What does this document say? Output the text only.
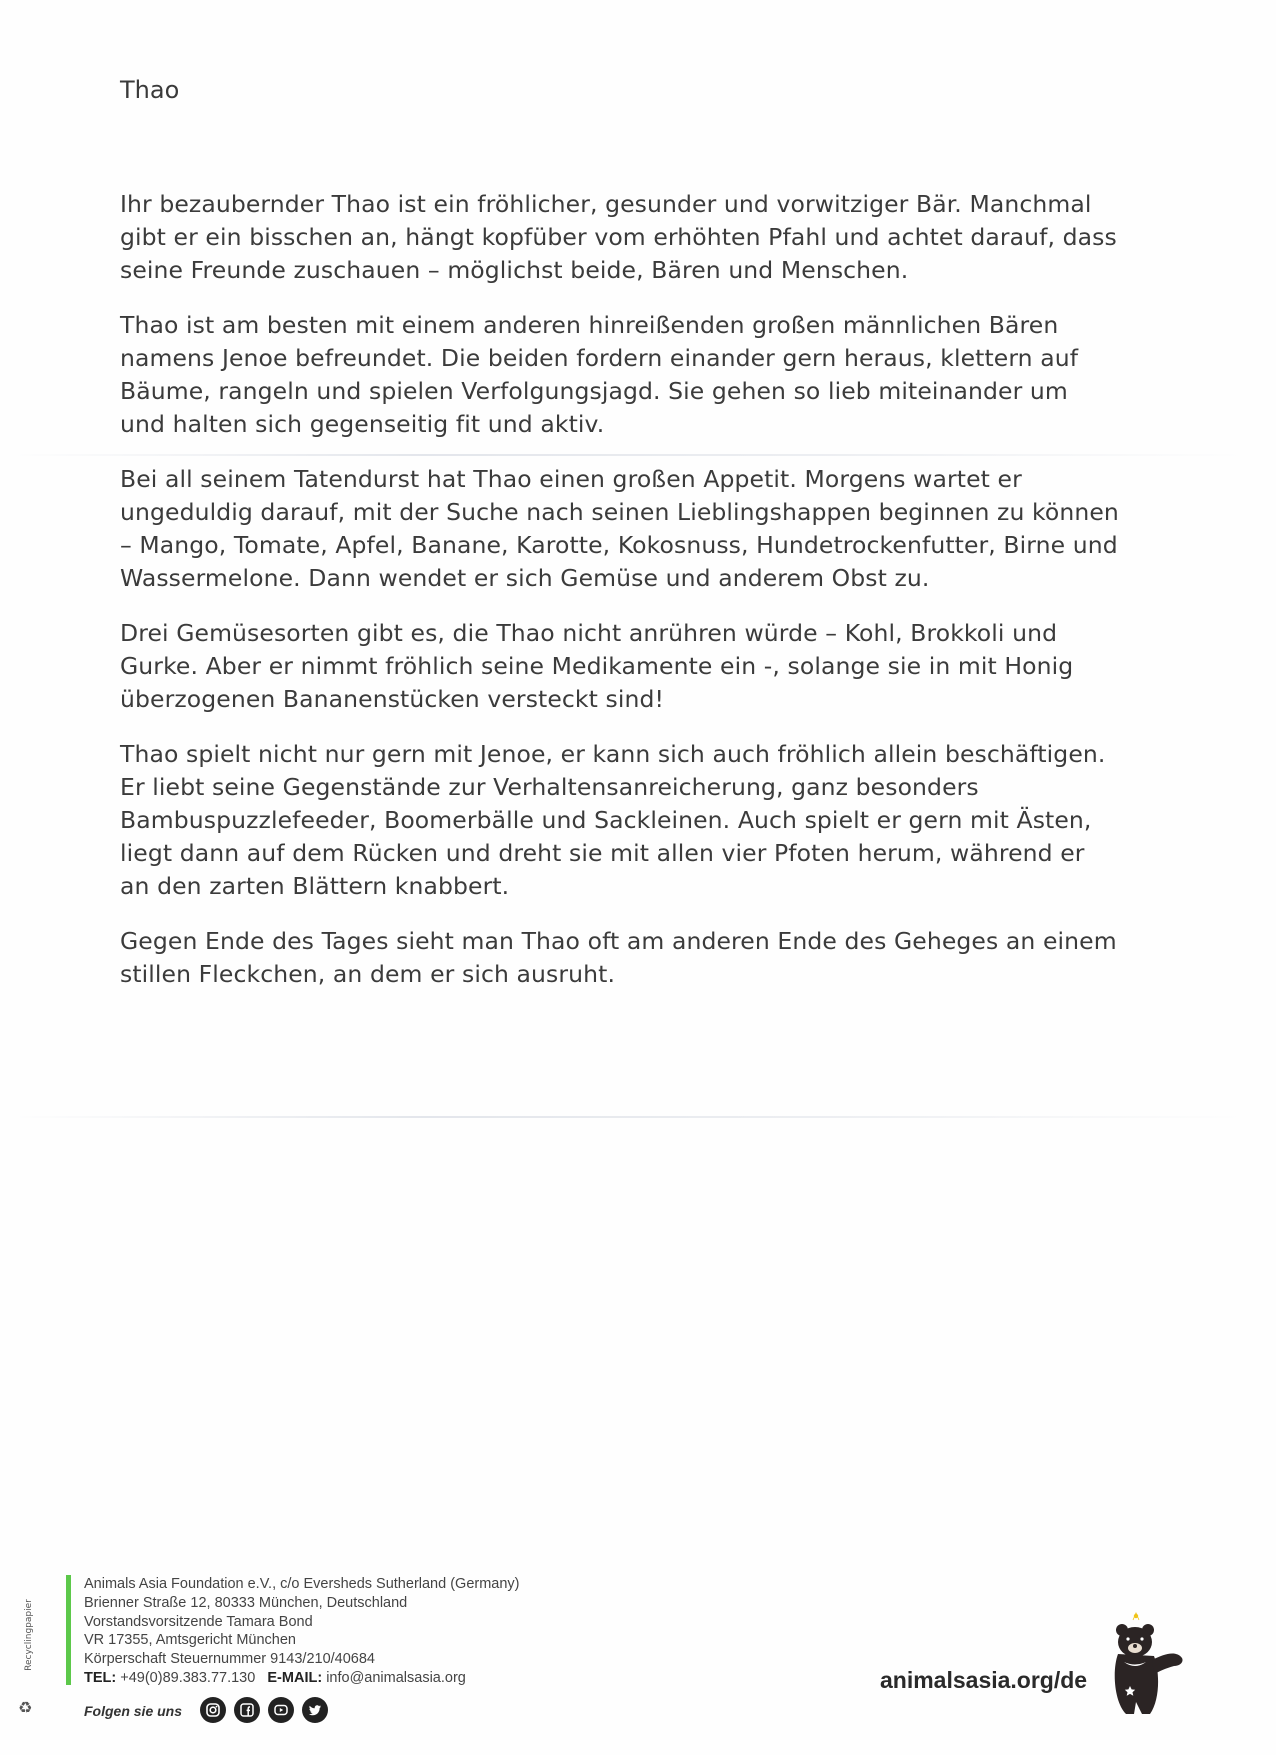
Thao

Ihr bezaubernder Thao ist ein fröhlicher, gesunder und vorwitziger Bär. Manchmal gibt er ein bisschen an, hängt kopfüber vom erhöhten Pfahl und achtet darauf, dass seine Freunde zuschauen – möglichst beide, Bären und Menschen.

Thao ist am besten mit einem anderen hinreißenden großen männlichen Bären namens Jenoe befreundet. Die beiden fordern einander gern heraus, klettern auf Bäume, rangeln und spielen Verfolgungsjagd. Sie gehen so lieb miteinander um und halten sich gegenseitig fit und aktiv.

Bei all seinem Tatendurst hat Thao einen großen Appetit. Morgens wartet er ungeduldig darauf, mit der Suche nach seinen Lieblingshappen beginnen zu können – Mango, Tomate, Apfel, Banane, Karotte, Kokosnuss, Hundetrockenfutter, Birne und Wassermelone. Dann wendet er sich Gemüse und anderem Obst zu.

Drei Gemüsesorten gibt es, die Thao nicht anrühren würde – Kohl, Brokkoli und Gurke. Aber er nimmt fröhlich seine Medikamente ein -, solange sie in mit Honig überzogenen Bananenstücken versteckt sind!

Thao spielt nicht nur gern mit Jenoe, er kann sich auch fröhlich allein beschäftigen. Er liebt seine Gegenstände zur Verhaltensanreicherung, ganz besonders Bambuspuzzlefeeder, Boomerbälle und Sackleinen. Auch spielt er gern mit Ästen, liegt dann auf dem Rücken und dreht sie mit allen vier Pfoten herum, während er an den zarten Blättern knabbert.

Gegen Ende des Tages sieht man Thao oft am anderen Ende des Geheges an einem stillen Fleckchen, an dem er sich ausruht.

Recyclingpapier
♻
Animals Asia Foundation e.V., c/o Eversheds Sutherland (Germany)
Brienner Straße 12, 80333 München, Deutschland
Vorstandsvorsitzende Tamara Bond
VR 17355, Amtsgericht München
Körperschaft Steuernummer 9143/210/40684
TEL: +49(0)89.383.77.130 E-MAIL: info@animalsasia.org
Folgen sie uns
animalsasia.org/de
